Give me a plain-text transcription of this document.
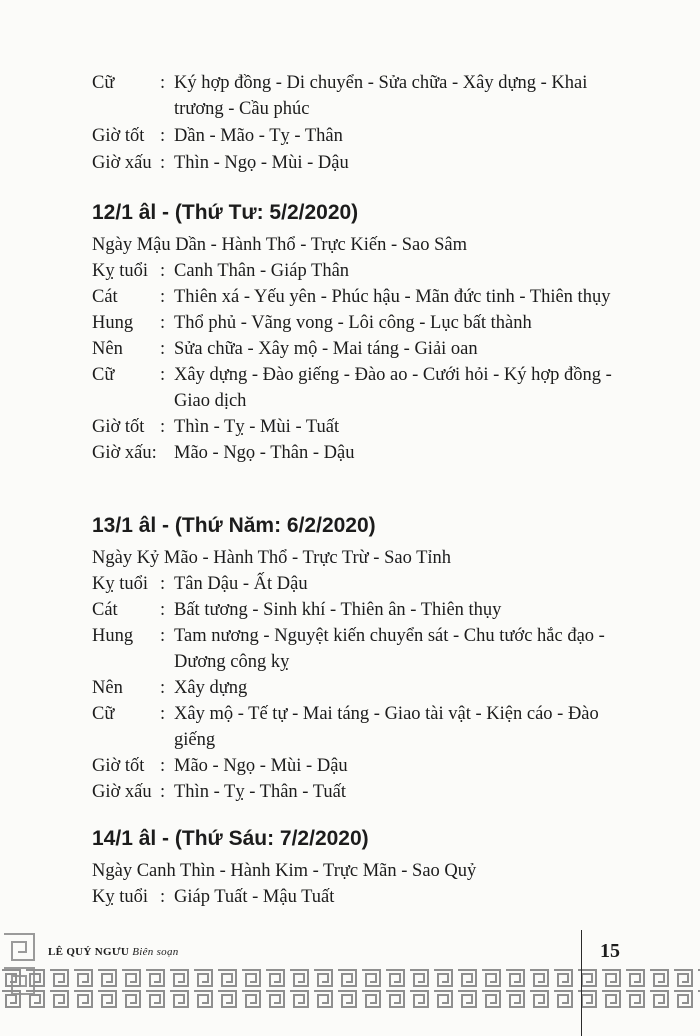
Cữ : Ký hợp đồng - Di chuyển - Sửa chữa - Xây dựng - Khai trương - Cầu phúc
Giờ tốt : Dần - Mão - Tỵ - Thân
Giờ xấu : Thìn - Ngọ - Mùi - Dậu
12/1 âl - (Thứ Tư: 5/2/2020)
Ngày Mậu Dần - Hành Thổ - Trực Kiến - Sao Sâm
Kỵ tuổi : Canh Thân - Giáp Thân
Cát : Thiên xá - Yếu yên - Phúc hậu - Mãn đức tinh - Thiên thụy
Hung : Thổ phủ - Vãng vong - Lôi công - Lục bất thành
Nên : Sửa chữa - Xây mộ - Mai táng - Giải oan
Cữ : Xây dựng - Đào giếng - Đào ao - Cưới hỏi - Ký hợp đồng - Giao dịch
Giờ tốt : Thìn - Tỵ - Mùi - Tuất
Giờ xấu: Mão - Ngọ - Thân - Dậu
13/1 âl - (Thứ Năm: 6/2/2020)
Ngày Kỷ Mão - Hành Thổ - Trực Trừ - Sao Tỉnh
Kỵ tuổi : Tân Dậu - Ất Dậu
Cát : Bất tương - Sinh khí - Thiên ân - Thiên thụy
Hung : Tam nương - Nguyệt kiến chuyển sát - Chu tước hắc đạo - Dương công kỵ
Nên : Xây dựng
Cữ : Xây mộ - Tế tự - Mai táng - Giao tài vật - Kiện cáo - Đào giếng
Giờ tốt : Mão - Ngọ - Mùi - Dậu
Giờ xấu : Thìn - Tỵ - Thân - Tuất
14/1 âl - (Thứ Sáu: 7/2/2020)
Ngày Canh Thìn - Hành Kim - Trực Mãn - Sao Quỷ
Kỵ tuổi : Giáp Tuất - Mậu Tuất
LÊ QUÝ NGƯU Biên soạn	15
